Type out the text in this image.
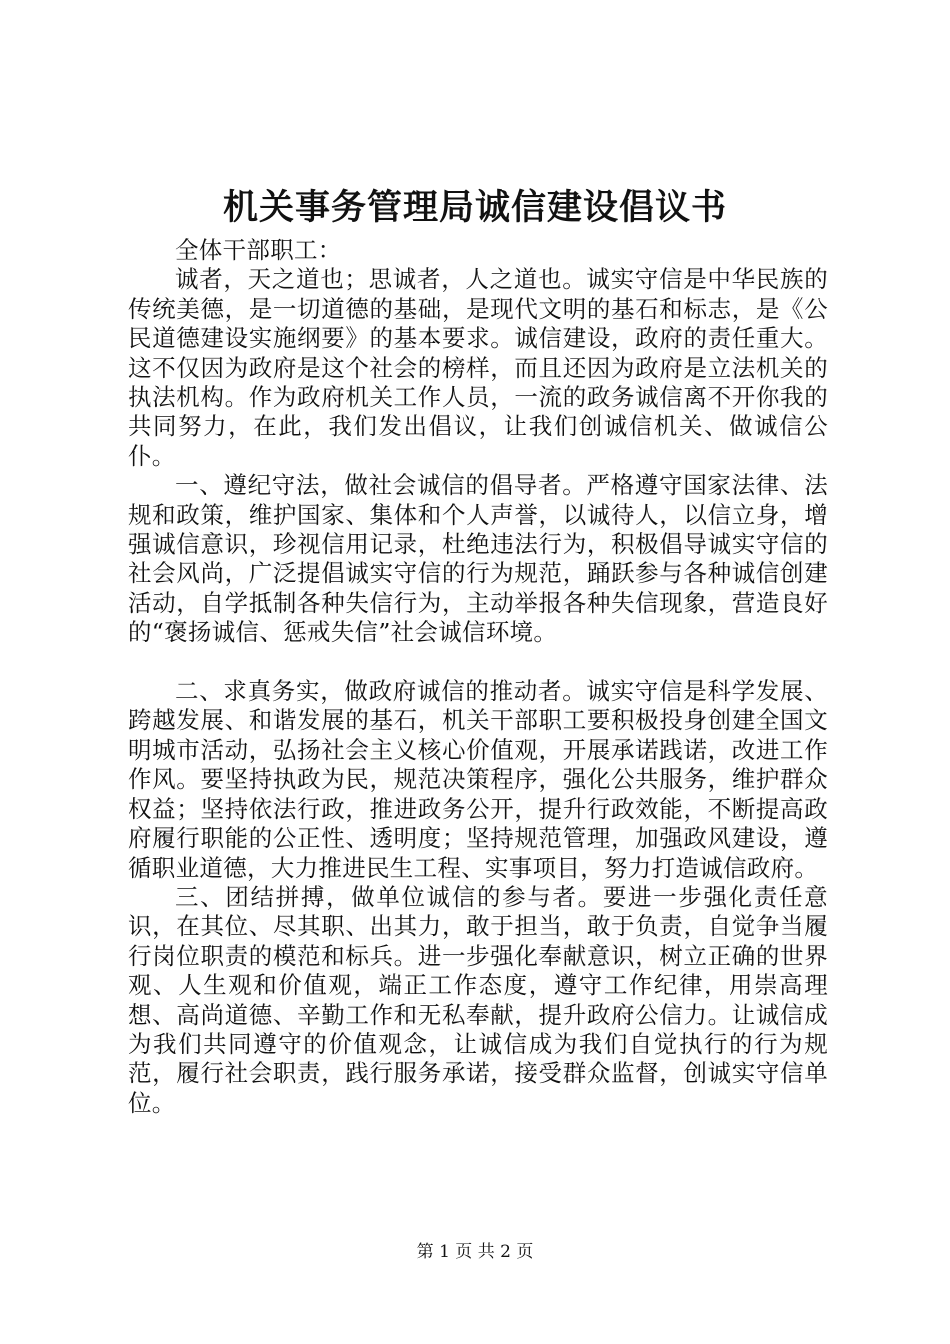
机关事务管理局诚信建设倡议书

全体干部职工：

诚者，天之道也；思诚者，人之道也。诚实守信是中华民族的传统美德，是一切道德的基础，是现代文明的基石和标志，是《公民道德建设实施纲要》的基本要求。诚信建设，政府的责任重大。这不仅因为政府是这个社会的榜样，而且还因为政府是立法机关的执法机构。作为政府机关工作人员，一流的政务诚信离不开你我的共同努力，在此，我们发出倡议，让我们创诚信机关、做诚信公仆。

一、遵纪守法，做社会诚信的倡导者。严格遵守国家法律、法规和政策，维护国家、集体和个人声誉，以诚待人，以信立身，增强诚信意识，珍视信用记录，杜绝违法行为，积极倡导诚实守信的社会风尚，广泛提倡诚实守信的行为规范，踊跃参与各种诚信创建活动，自学抵制各种失信行为，主动举报各种失信现象，营造良好的“褒扬诚信、惩戒失信”社会诚信环境。

二、求真务实，做政府诚信的推动者。诚实守信是科学发展、跨越发展、和谐发展的基石，机关干部职工要积极投身创建全国文明城市活动，弘扬社会主义核心价值观，开展承诺践诺，改进工作作风。要坚持执政为民，规范决策程序，强化公共服务，维护群众权益；坚持依法行政，推进政务公开，提升行政效能，不断提高政府履行职能的公正性、透明度；坚持规范管理，加强政风建设，遵循职业道德，大力推进民生工程、实事项目，努力打造诚信政府。

三、团结拼搏，做单位诚信的参与者。要进一步强化责任意识，在其位、尽其职、出其力，敢于担当，敢于负责，自觉争当履行岗位职责的模范和标兵。进一步强化奉献意识，树立正确的世界观、人生观和价值观，端正工作态度，遵守工作纪律，用崇高理想、高尚道德、辛勤工作和无私奉献，提升政府公信力。让诚信成为我们共同遵守的价值观念，让诚信成为我们自觉执行的行为规范，履行社会职责，践行服务承诺，接受群众监督，创诚实守信单位。

第 1 页 共 2 页
